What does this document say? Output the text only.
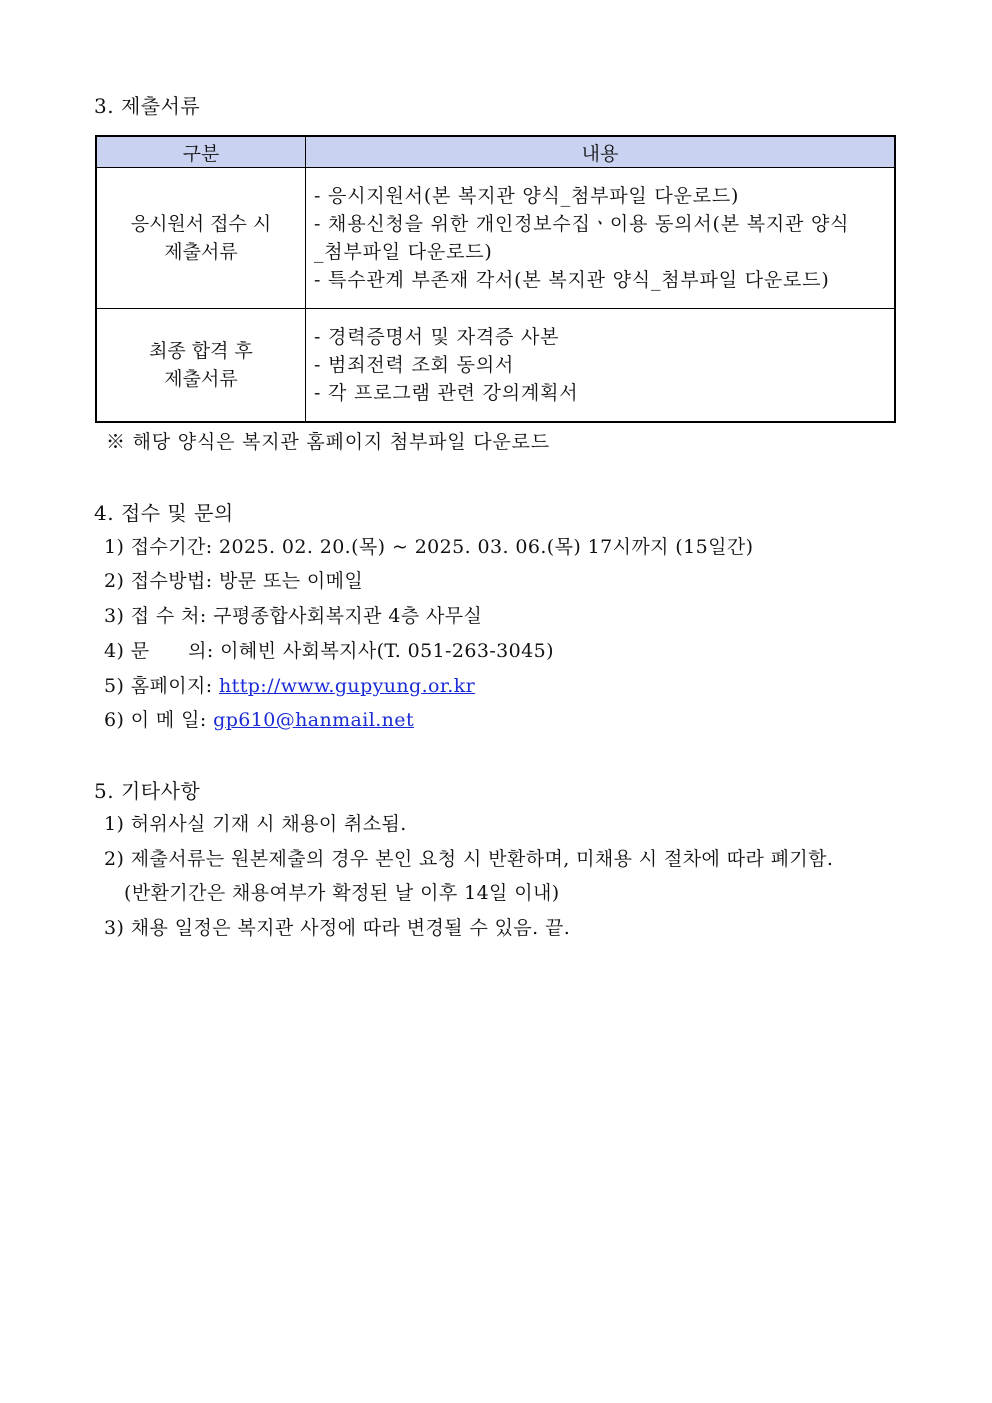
3. 제출서류
구분	내용

응시원서 접수 시
제출서류	- 응시지원서(본 복지관 양식_첨부파일 다운로드)
- 채용신청을 위한 개인정보수집ㆍ이용 동의서(본 복지관 양식
_첨부파일 다운로드)
- 특수관계 부존재 각서(본 복지관 양식_첨부파일 다운로드)

최종 합격 후
제출서류	- 경력증명서 및 자격증 사본
- 범죄전력 조회 동의서
- 각 프로그램 관련 강의계획서
※ 해당 양식은 복지관 홈페이지 첨부파일 다운로드
4. 접수 및 문의
1) 접수기간: 2025. 02. 20.(목) ~ 2025. 03. 06.(목) 17시까지 (15일간)
2) 접수방법: 방문 또는 이메일
3) 접 수 처: 구평종합사회복지관 4층 사무실
4) 문      의: 이혜빈 사회복지사(T. 051-263-3045)
5) 홈페이지: http://www.gupyung.or.kr
6) 이 메 일: gp610@hanmail.net
5. 기타사항
1) 허위사실 기재 시 채용이 취소됨.
2) 제출서류는 원본제출의 경우 본인 요청 시 반환하며, 미채용 시 절차에 따라 폐기함.
(반환기간은 채용여부가 확정된 날 이후 14일 이내)
3) 채용 일정은 복지관 사정에 따라 변경될 수 있음. 끝.
